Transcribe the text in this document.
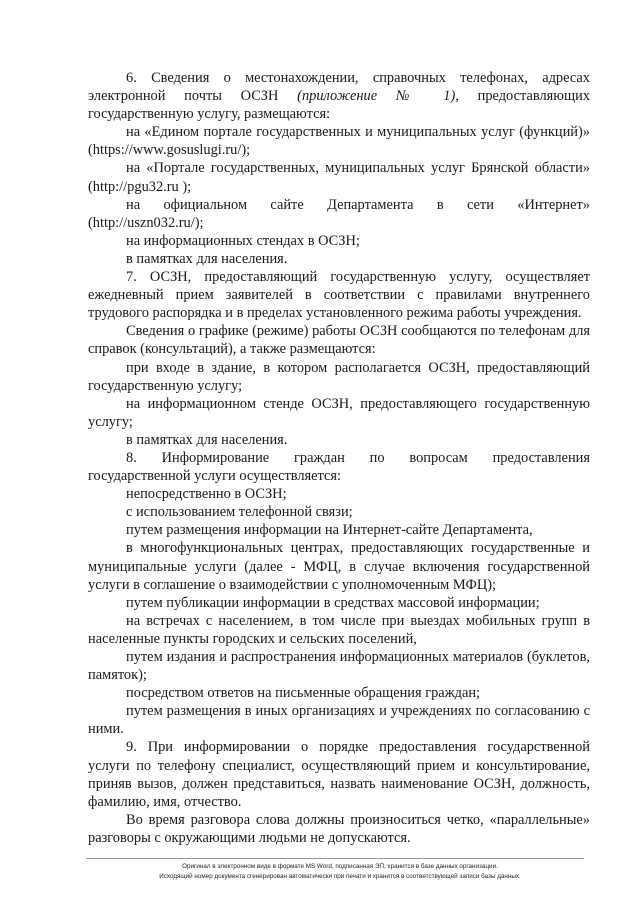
6. Сведения о местонахождении, справочных телефонах, адресах электронной почты ОСЗН (приложение № 1), предоставляющих государственную услугу, размещаются:

на «Едином портале государственных и муниципальных услуг (функций)» (https://www.gosuslugi.ru/);

на «Портале государственных, муниципальных услуг Брянской области» (http://pgu32.ru );

на официальном сайте Департамента в сети «Интернет» (http://uszn032.ru/);

на информационных стендах в ОСЗН;

в памятках для населения.

7. ОСЗН, предоставляющий государственную услугу, осуществляет ежедневный прием заявителей в соответствии с правилами внутреннего трудового распорядка и в пределах установленного режима работы учреждения.

Сведения о графике (режиме) работы ОСЗН сообщаются по телефонам для справок (консультаций), а также размещаются:

при входе в здание, в котором располагается ОСЗН, предоставляющий государственную услугу;

на информационном стенде ОСЗН, предоставляющего государственную услугу;

в памятках для населения.

8. Информирование граждан по вопросам предоставления государственной услуги осуществляется:

непосредственно в ОСЗН;

с использованием телефонной связи;

путем размещения информации на Интернет-сайте Департамента,

в многофункциональных центрах, предоставляющих государственные и муниципальные услуги (далее - МФЦ, в случае включения государственной услуги в соглашение о взаимодействии с уполномоченным МФЦ);

путем публикации информации в средствах массовой информации;

на встречах с населением, в том числе при выездах мобильных групп в населенные пункты городских и сельских поселений,

путем издания и распространения информационных материалов (буклетов, памяток);

посредством ответов на письменные обращения граждан;

путем размещения в иных организациях и учреждениях по согласованию с ними.

9. При информировании о порядке предоставления государственной услуги по телефону специалист, осуществляющий прием и консультирование, приняв вызов, должен представиться, назвать наименование ОСЗН, должность, фамилию, имя, отчество.

Во время разговора слова должны произноситься четко, «параллельные» разговоры с окружающими людьми не допускаются.

Оригинал в электронном виде в формате MS Word, подписанная ЭП, хранится в базе данных организации.
Исходящий номер документа сгенерирован автоматически при печати и хранится в соответствующей записи базы данных.
